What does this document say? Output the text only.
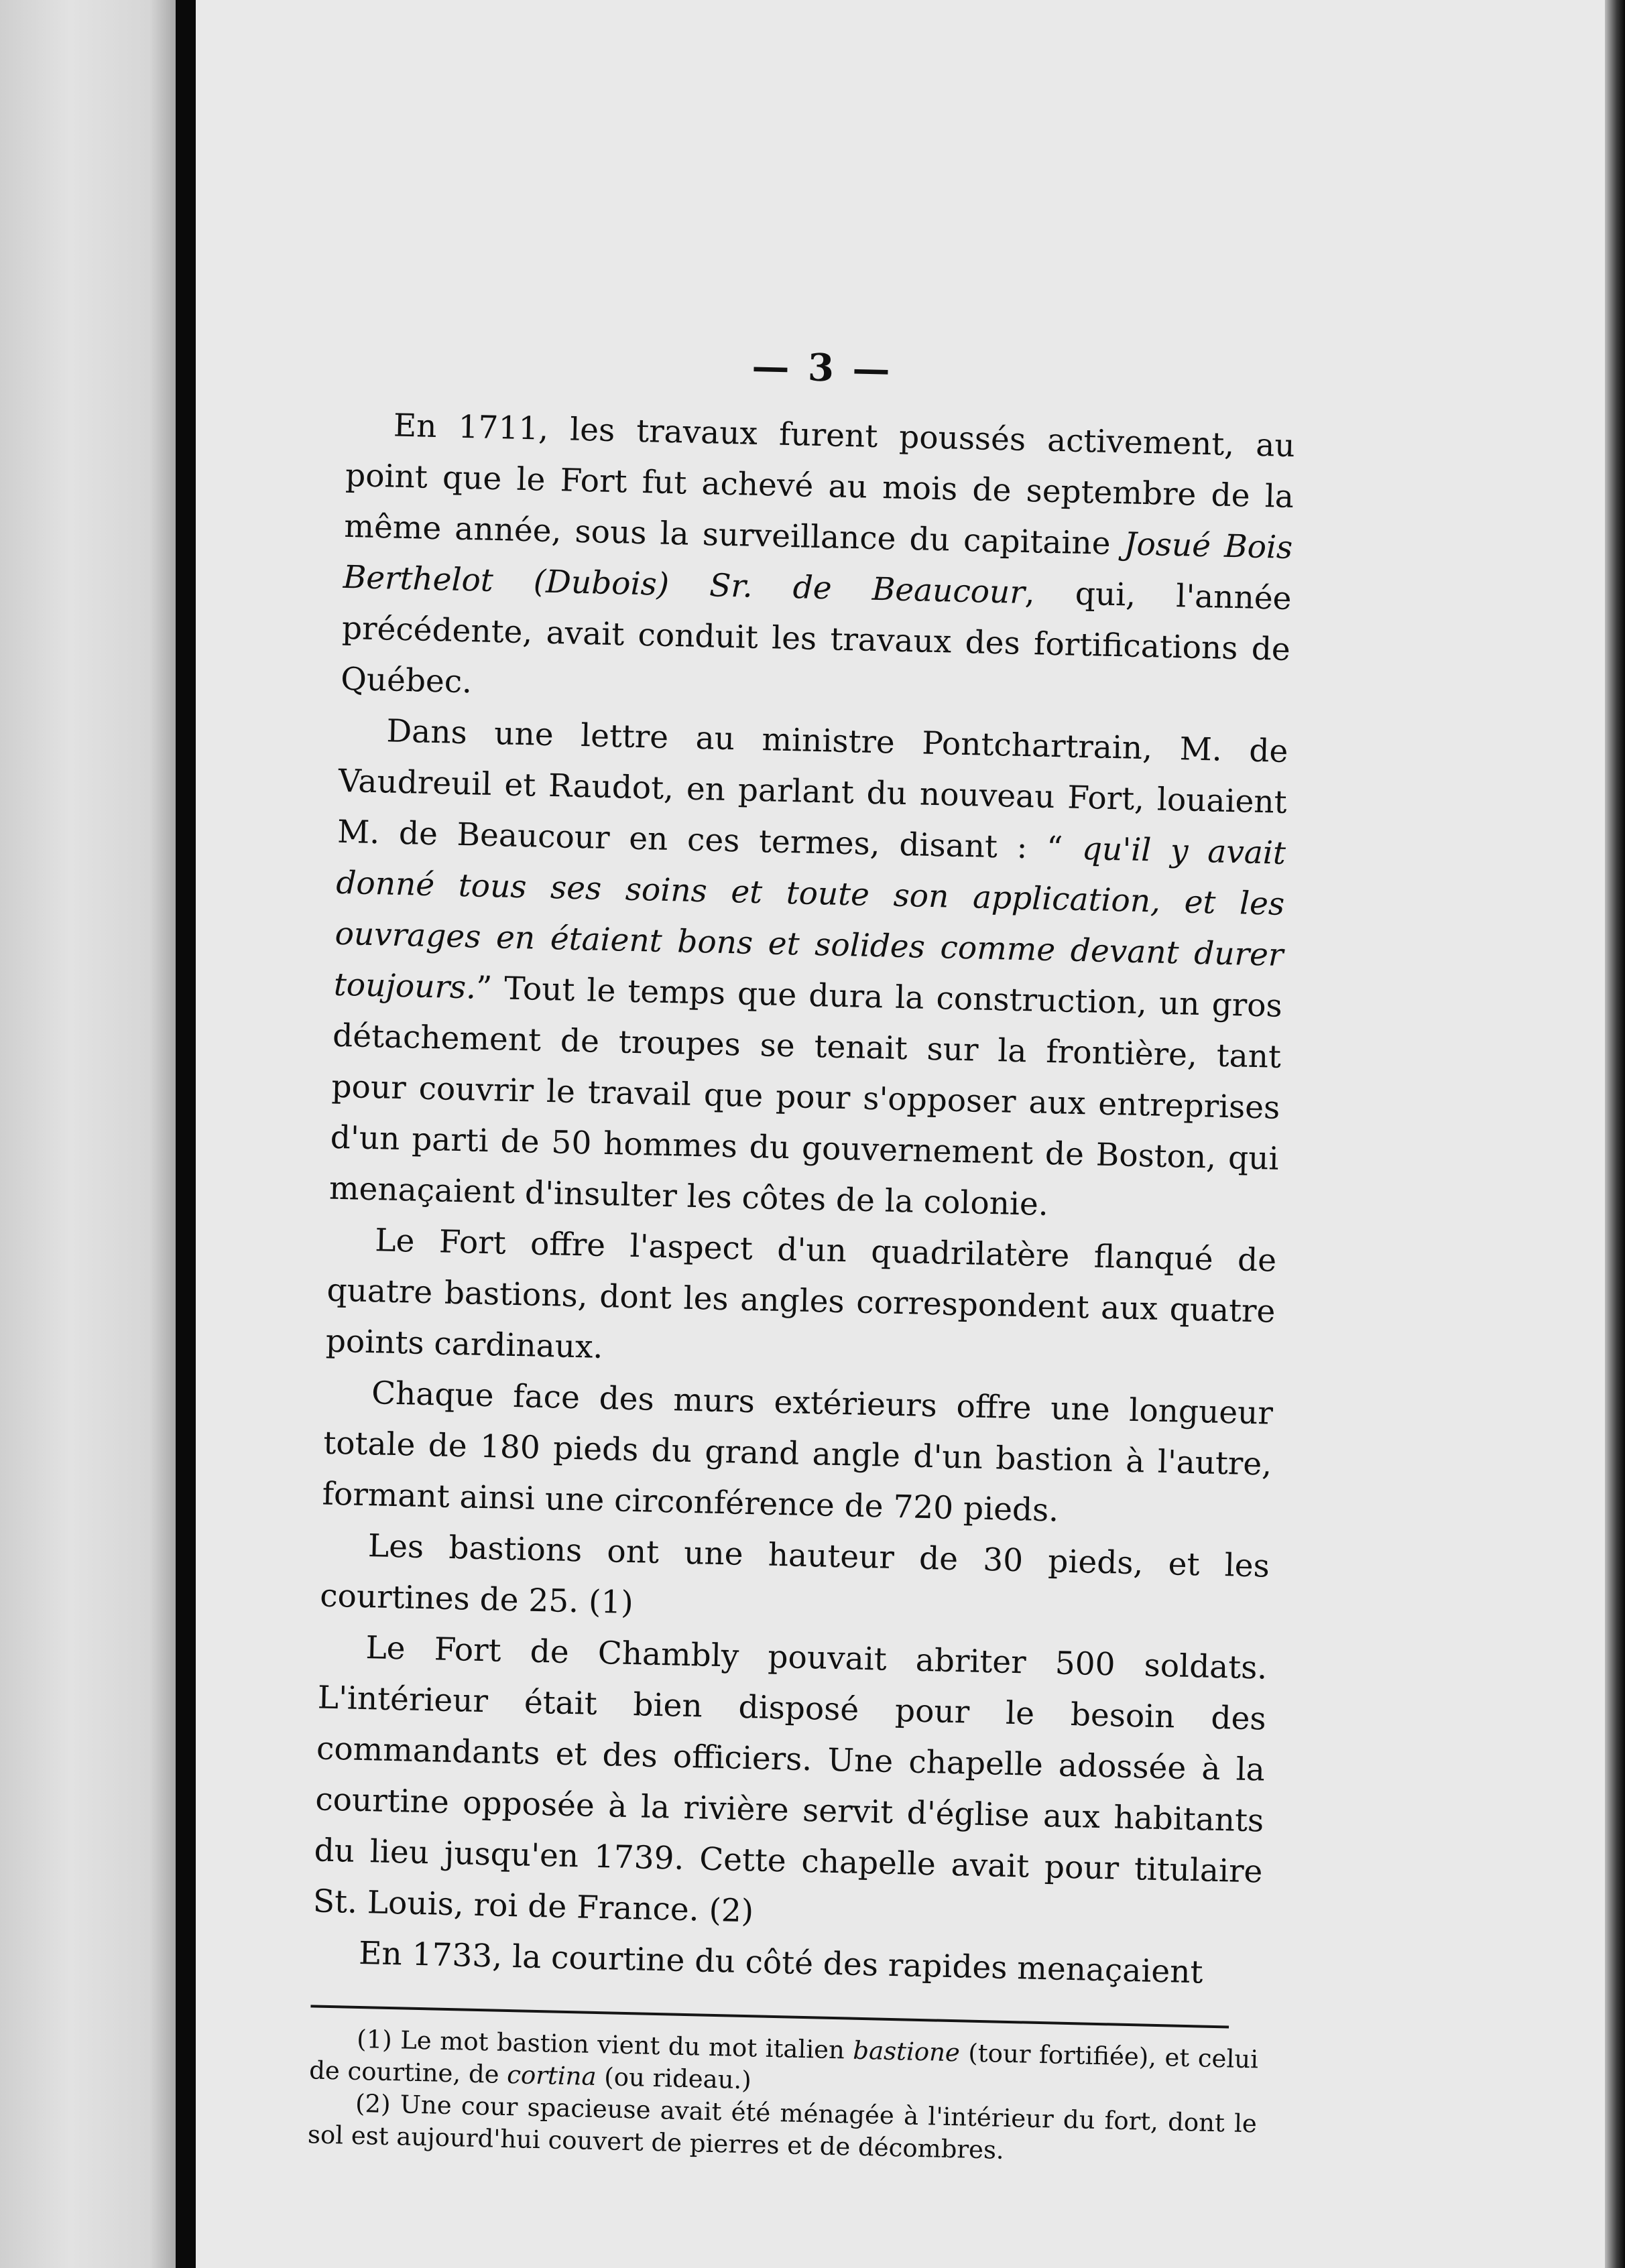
— 3 —

En 1711, les travaux furent poussés activement, au point que le Fort fut achevé au mois de septembre de la même année, sous la surveillance du capitaine Josué Bois Berthelot (Dubois) Sr. de Beaucour, qui, l'année précédente, avait conduit les travaux des fortifications de Québec.

Dans une lettre au ministre Pontchartrain, M. de Vaudreuil et Raudot, en parlant du nouveau Fort, louaient M. de Beaucour en ces termes, disant : “ qu'il y avait donné tous ses soins et toute son application, et les ouvrages en étaient bons et solides comme devant durer toujours.” Tout le temps que dura la construction, un gros détachement de troupes se tenait sur la frontière, tant pour couvrir le travail que pour s'opposer aux entreprises d'un parti de 50 hommes du gouvernement de Boston, qui menaçaient d'insulter les côtes de la colonie.

Le Fort offre l'aspect d'un quadrilatère flanqué de quatre bastions, dont les angles correspondent aux quatre points cardinaux.

Chaque face des murs extérieurs offre une longueur totale de 180 pieds du grand angle d'un bastion à l'autre, formant ainsi une circonférence de 720 pieds.

Les bastions ont une hauteur de 30 pieds, et les courtines de 25. (1)

Le Fort de Chambly pouvait abriter 500 soldats. L'intérieur était bien disposé pour le besoin des commandants et des officiers. Une chapelle adossée à la courtine opposée à la rivière servit d'église aux habitants du lieu jusqu'en 1739. Cette chapelle avait pour titulaire St. Louis, roi de France. (2)

En 1733, la courtine du côté des rapides menaçaient

(1) Le mot bastion vient du mot italien bastione (tour fortifiée), et celui de courtine, de cortina (ou rideau.)

(2) Une cour spacieuse avait été ménagée à l'intérieur du fort, dont le sol est aujourd'hui couvert de pierres et de décombres.
